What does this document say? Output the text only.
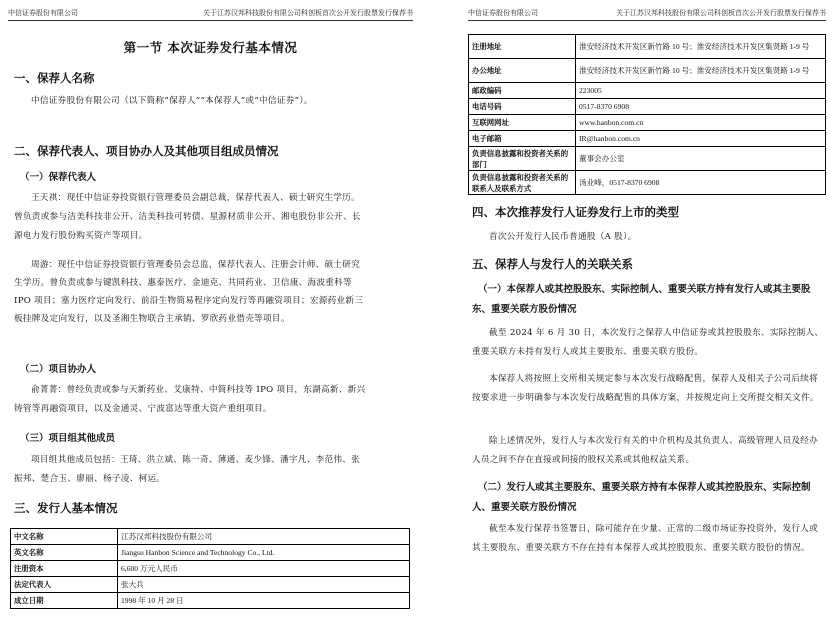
中信证券股份有限公司	关于江苏汉邦科技股份有限公司科创板首次公开发行股票发行保荐书
第一节 本次证券发行基本情况
一、保荐人名称
中信证券股份有限公司（以下简称“保荐人”“本保荐人”或“中信证券”）。
二、保荐代表人、项目协办人及其他项目组成员情况
（一）保荐代表人
王天祺：现任中信证券投资银行管理委员会副总裁，保荐代表人、硕士研究生学历。曾负责或参与洁美科技非公开、洁美科技可转债、星源材质非公开、湘电股份非公开、长源电力发行股份购买资产等项目。
周游：现任中信证券投资银行管理委员会总监，保荐代表人、注册会计师、硕士研究生学历。曾负责或参与键凯科技、惠泰医疗、金迪克、共同药业、卫信康、海波重科等 IPO 项目；塞力医疗定向发行、前沿生物简易程序定向发行等再融资项目；宏源药业新三板挂牌及定向发行，以及圣湘生物联合主承销、罗欣药业借壳等项目。
（二）项目协办人
俞菁菁：曾经负责或参与天新药业、艾康特、中简科技等 IPO 项目，东湖高新、新兴铸管等再融资项目，以及金通灵、宁波富达等重大资产重组项目。
（三）项目组其他成员
项目组其他成员包括：王琦、洪立斌、陈一奇、薄通、麦少锋、潘宇凡、李范伟、张振邦、楚合玉、廖丽、杨子凌、柯运。
三、发行人基本情况
中文名称	江苏汉邦科技股份有限公司
英文名称	Jiangsu Hanbon Science and Technology Co., Ltd.
注册资本	6,600 万元人民币
法定代表人	张大兵
成立日期	1998 年 10 月 28 日
中信证券股份有限公司	关于江苏汉邦科技股份有限公司科创板首次公开发行股票发行保荐书
注册地址	淮安经济技术开发区新竹路 10 号；淮安经济技术开发区集贤路 1-9 号
办公地址	淮安经济技术开发区新竹路 10 号；淮安经济技术开发区集贤路 1-9 号
邮政编码	223005
电话号码	0517-8370 6908
互联网网址	www.hanbon.com.cn
电子邮箱	IR@hanbon.com.cn
负责信息披露和投资者关系的部门	董事会办公室
负责信息披露和投资者关系的联系人及联系方式	汤业峰，0517-8370 6908
四、本次推荐发行人证券发行上市的类型
首次公开发行人民币普通股（A 股）。
五、保荐人与发行人的关联关系
（一）本保荐人或其控股股东、实际控制人、重要关联方持有发行人或其主要股东、重要关联方股份情况
截至 2024 年 6 月 30 日，本次发行之保荐人中信证券或其控股股东、实际控制人、重要关联方未持有发行人或其主要股东、重要关联方股份。
本保荐人将按照上交所相关规定参与本次发行战略配售，保荐人及相关子公司后续将按要求进一步明确参与本次发行战略配售的具体方案，并按规定向上交所提交相关文件。
除上述情况外，发行人与本次发行有关的中介机构及其负责人、高级管理人员及经办人员之间不存在直接或间接的股权关系或其他权益关系。
（二）发行人或其主要股东、重要关联方持有本保荐人或其控股股东、实际控制人、重要关联方股份情况
截至本发行保荐书签署日，除可能存在少量、正常的二级市场证券投资外，发行人或其主要股东、重要关联方不存在持有本保荐人或其控股股东、重要关联方股份的情况。
